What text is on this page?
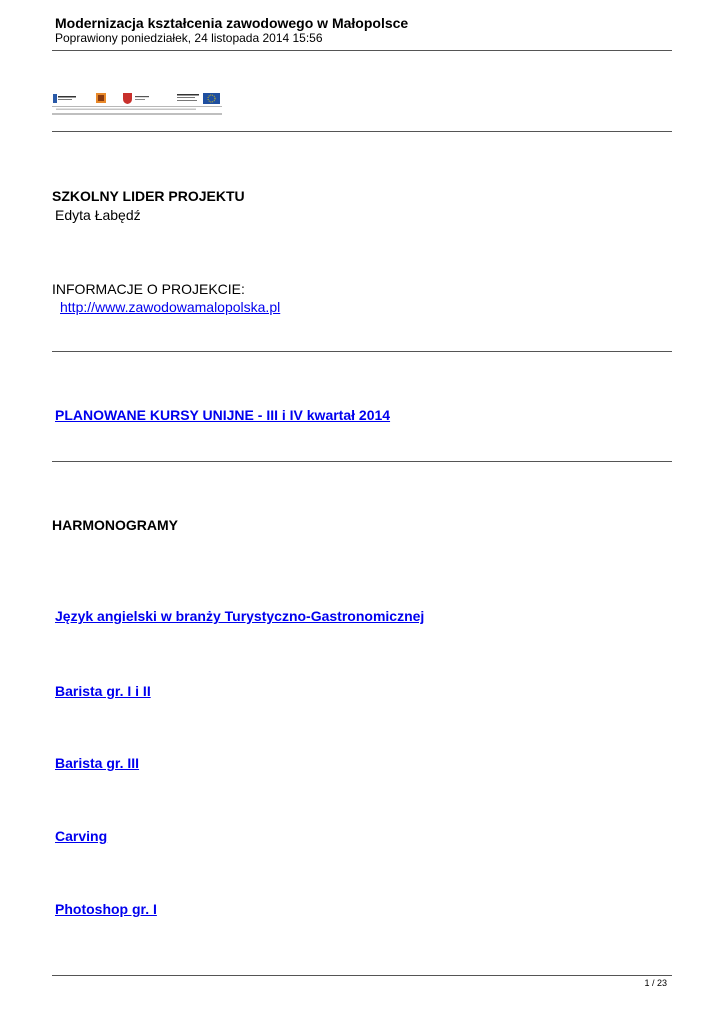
Modernizacja kształcenia zawodowego w Małopolsce
Poprawiony poniedziałek, 24 listopada 2014 15:56
SZKOLNY LIDER PROJEKTU
Edyta Łabędź
INFORMACJE O PROJEKCIE:
http://www.zawodowamalopolska.pl
PLANOWANE KURSY UNIJNE - III i IV kwartał 2014
HARMONOGRAMY
Język angielski w branży Turystyczno-Gastronomicznej
Barista gr. I i II
Barista gr. III
Carving
Photoshop gr. I
1 / 23
